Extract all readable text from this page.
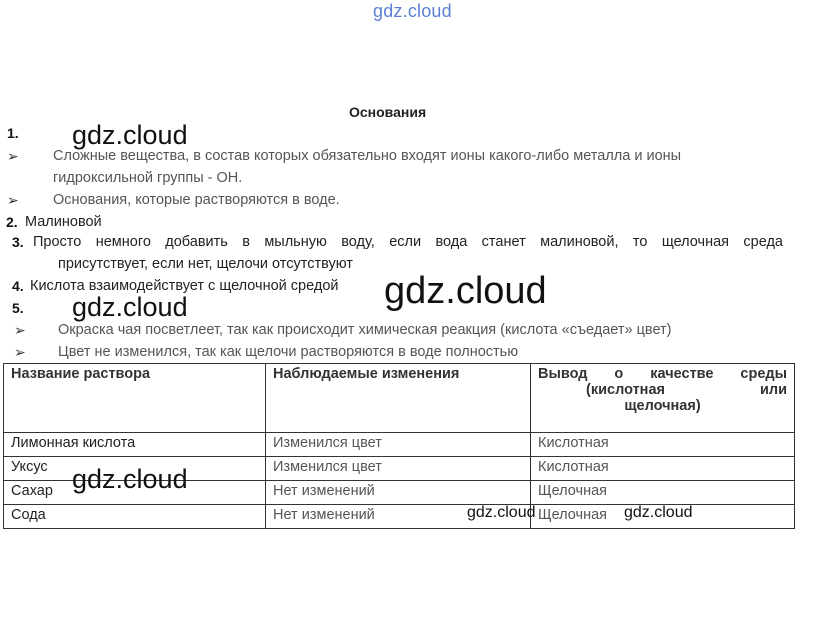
gdz.cloud
Основания
1.
➢ Сложные вещества, в состав которых обязательно входят ионы какого-либо металла и ионы
гидроксильной группы - OH.
➢ Основания, которые растворяются в воде.
2. Малиновой
3. Просто немного добавить в мыльную воду, если вода станет малиновой, то щелочная среда
присутствует, если нет, щелочи отсутствуют
4. Кислота взаимодействует с щелочной средой
5.
➢ Окраска чая посветлеет, так как происходит химическая реакция (кислота «съедает» цвет)
➢ Цвет не изменился, так как щелочи растворяются в воде полностью
Название раствора	Наблюдаемые изменения	Вывод о качестве среды
(кислотная или
щелочная)

Лимонная кислота	Изменился цвет	Кислотная
Уксус	Изменился цвет	Кислотная
Сахар	Нет изменений	Щелочная
Сода	Нет изменений	Щелочная
gdz.cloud
gdz.cloud
gdz.cloud
gdz.cloud
gdz.cloud	gdz.cloud
